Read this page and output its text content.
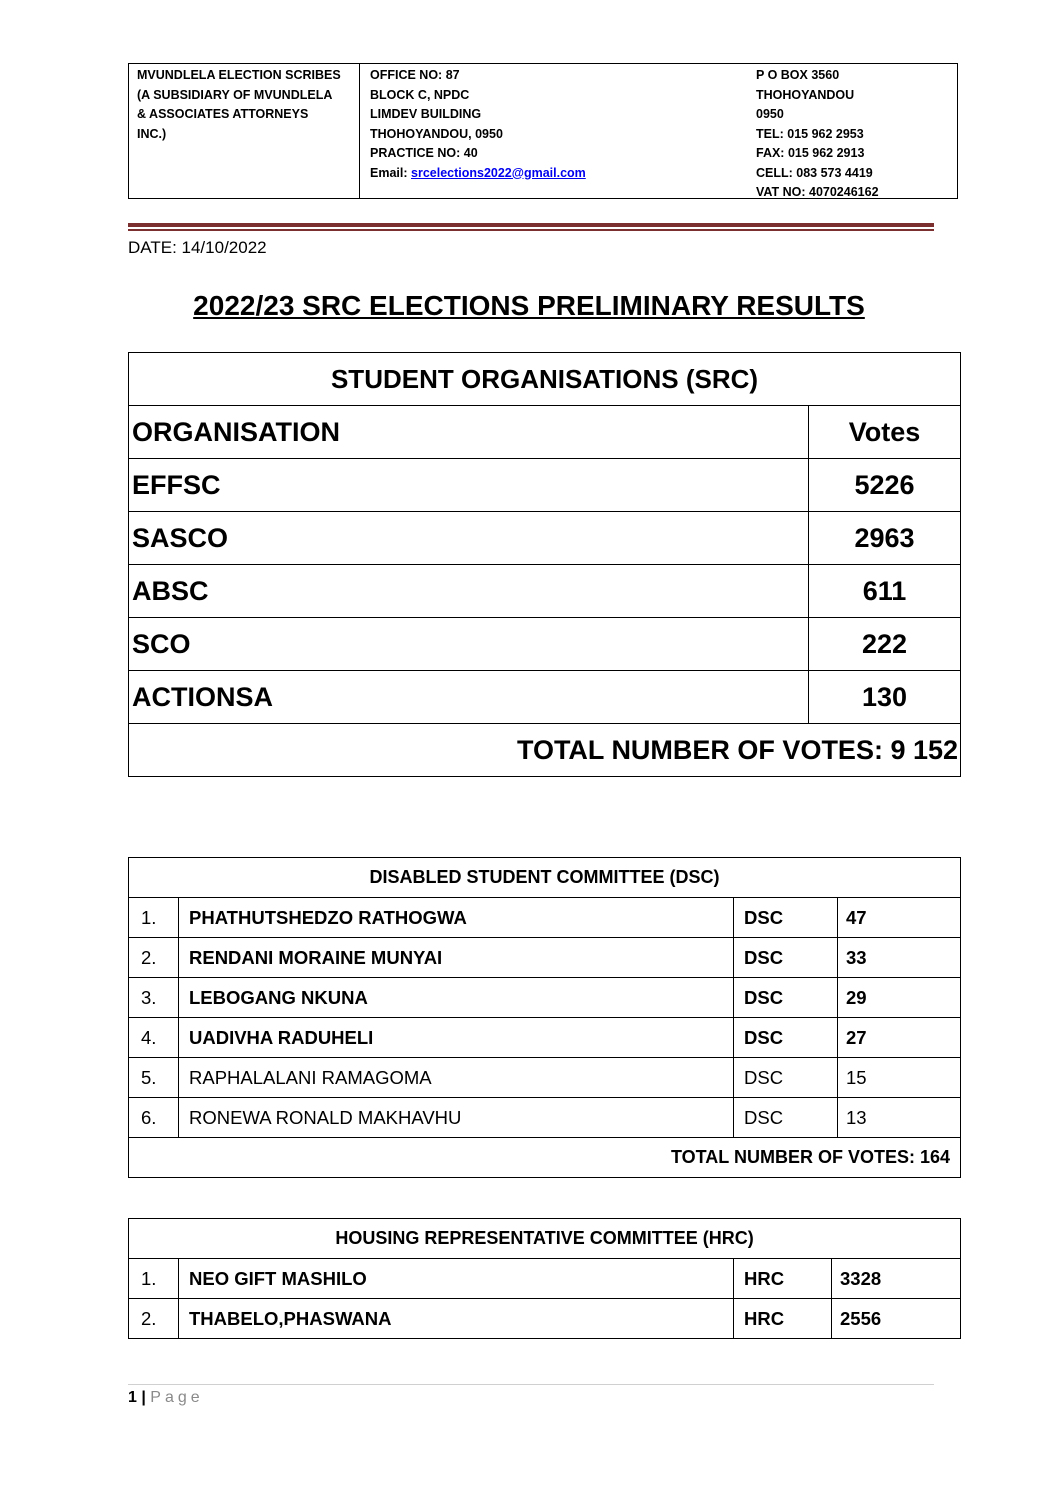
MVUNDLELA ELECTION SCRIBES
(A SUBSIDIARY OF MVUNDLELA
& ASSOCIATES ATTORNEYS
INC.)
OFFICE NO: 87
BLOCK C, NPDC
LIMDEV BUILDING
THOHOYANDOU, 0950
PRACTICE NO: 40
Email: srcelections2022@gmail.com
P O BOX 3560
THOHOYANDOU
0950
TEL: 015 962 2953
FAX: 015 962 2913
CELL: 083 573 4419
VAT NO: 4070246162
DATE: 14/10/2022
2022/23 SRC ELECTIONS PRELIMINARY RESULTS
STUDENT ORGANISATIONS (SRC)	
ORGANISATION	Votes
EFFSC	5226
SASCO	2963
ABSC	611
SCO	222
ACTIONSA	130
TOTAL NUMBER OF VOTES: 9 152	
DISABLED STUDENT COMMITTEE (DSC)			
1.	PHATHUTSHEDZO RATHOGWA	DSC	47
2.	RENDANI MORAINE MUNYAI	DSC	33
3.	LEBOGANG NKUNA	DSC	29
4.	UADIVHA RADUHELI	DSC	27
5.	RAPHALALANI RAMAGOMA	DSC	15
6.	RONEWA RONALD MAKHAVHU	DSC	13
TOTAL NUMBER OF VOTES: 164			
HOUSING REPRESENTATIVE COMMITTEE (HRC)			
1.	NEO GIFT MASHILO	HRC	3328
2.	THABELO,PHASWANA	HRC	2556
1 | Page
